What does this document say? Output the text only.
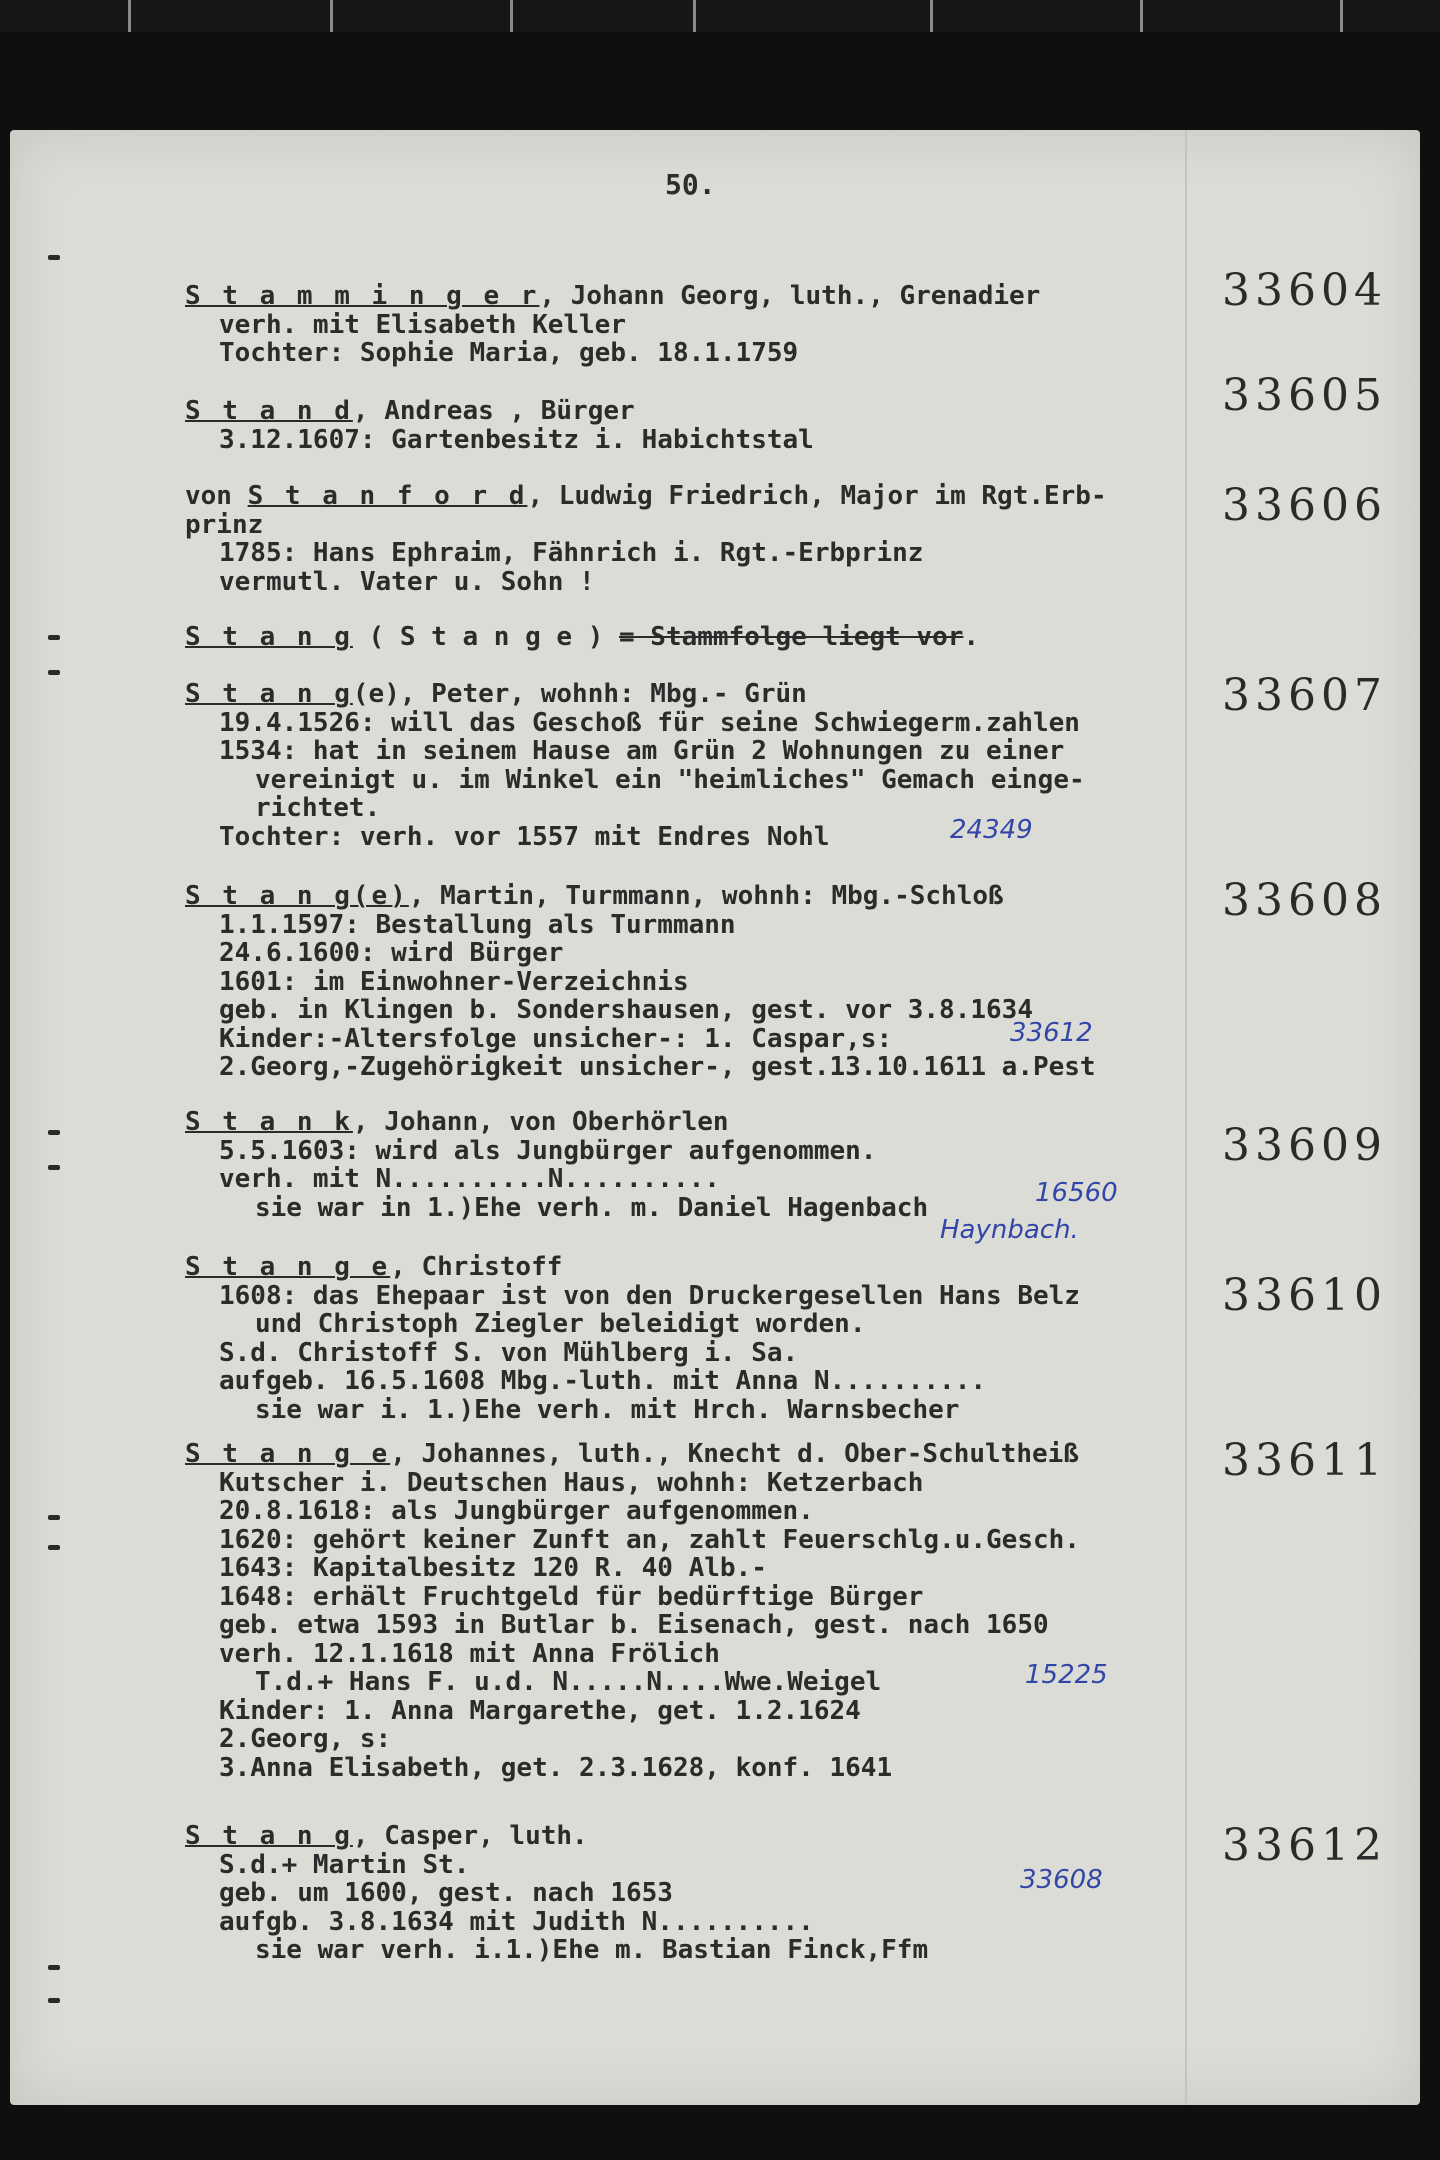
50.
33604
S t a m m i n g e r, Johann Georg, luth., Grenadier
verh. mit Elisabeth Keller
Tochter: Sophie Maria, geb. 18.1.1759
33605
S t a n d, Andreas , Bürger
3.12.1607: Gartenbesitz i. Habichtstal
33606
von S t a n f o r d, Ludwig Friedrich, Major im Rgt.Erb-
prinz
1785: Hans Ephraim, Fähnrich i. Rgt.-Erbprinz
vermutl. Vater u. Sohn !
S t a n g ( S t a n g e ) = Stammfolge liegt vor.
33607
S t a n g(e), Peter, wohnh: Mbg.- Grün
19.4.1526: will das Geschoß für seine Schwiegerm.zahlen
1534: hat in seinem Hause am Grün 2 Wohnungen zu einer
vereinigt u. im Winkel ein "heimliches" Gemach einge-
richtet.
Tochter: verh. vor 1557 mit Endres Nohl	24349
33608
S t a n g(e), Martin, Turmmann, wohnh: Mbg.-Schloß
1.1.1597: Bestallung als Turmmann
24.6.1600: wird Bürger
1601: im Einwohner-Verzeichnis
geb. in Klingen b. Sondershausen, gest. vor 3.8.1634
Kinder:-Altersfolge unsicher-: 1. Caspar,s:
2.Georg,-Zugehörigkeit unsicher-, gest.13.10.1611 a.Pest
33612
33609
S t a n k, Johann, von Oberhörlen
5.5.1603: wird als Jungbürger aufgenommen.
verh. mit N..........N..........
sie war in 1.)Ehe verh. m. Daniel Hagenbach	16560
Haynbach.
33610
S t a n g e, Christoff
1608: das Ehepaar ist von den Druckergesellen Hans Belz
und Christoph Ziegler beleidigt worden.
S.d. Christoff S. von Mühlberg i. Sa.
aufgeb. 16.5.1608 Mbg.-luth. mit Anna N..........
sie war i. 1.)Ehe verh. mit Hrch. Warnsbecher
33611
S t a n g e, Johannes, luth., Knecht d. Ober-Schultheiß
Kutscher i. Deutschen Haus, wohnh: Ketzerbach
20.8.1618: als Jungbürger aufgenommen.
1620: gehört keiner Zunft an, zahlt Feuerschlg.u.Gesch.
1643: Kapitalbesitz 120 R. 40 Alb.-
1648: erhält Fruchtgeld für bedürftige Bürger
geb. etwa 1593 in Butlar b. Eisenach, gest. nach 1650
verh. 12.1.1618 mit Anna Frölich
T.d.+ Hans F. u.d. N.....N....Wwe.Weigel
Kinder: 1. Anna Margarethe, get. 1.2.1624
2.Georg, s:
3.Anna Elisabeth, get. 2.3.1628, konf. 1641
15225
33612
S t a n g, Casper, luth.
S.d.+ Martin St.
geb. um 1600, gest. nach 1653
aufgb. 3.8.1634 mit Judith N..........
sie war verh. i.1.)Ehe m. Bastian Finck,Ffm
33608
